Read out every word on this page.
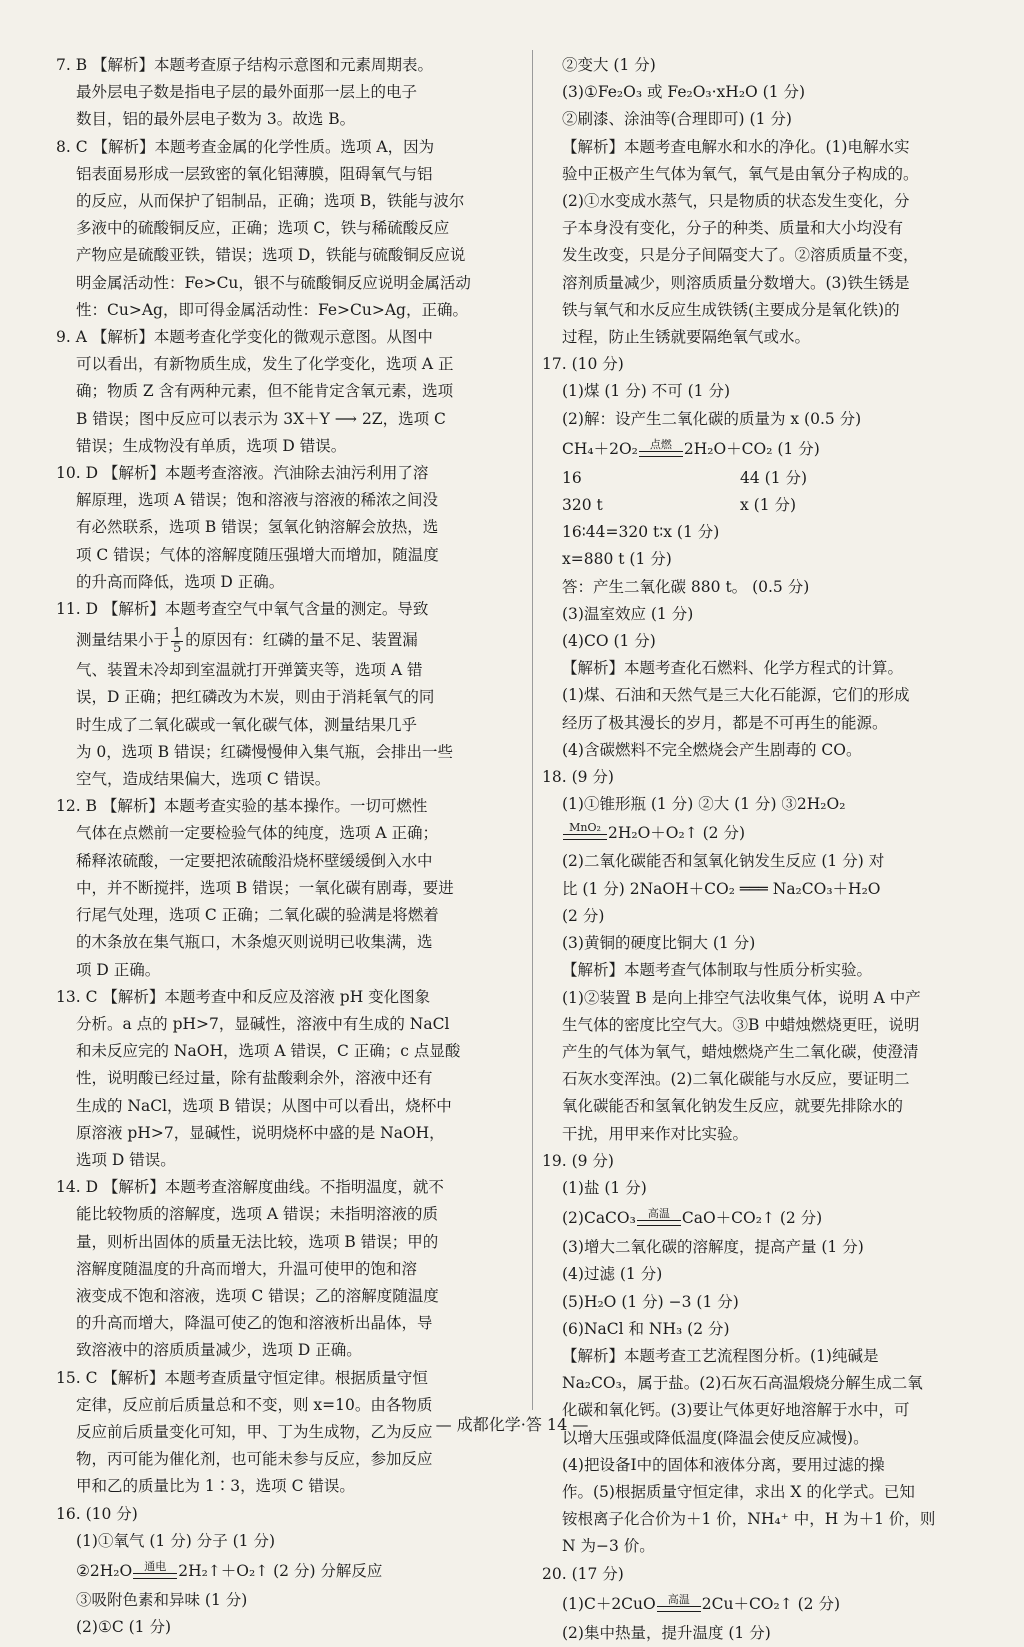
7. B 【解析】本题考查原子结构示意图和元素周期表。
最外层电子数是指电子层的最外面那一层上的电子
数目，铝的最外层电子数为 3。故选 B。
8. C 【解析】本题考查金属的化学性质。选项 A，因为
铝表面易形成一层致密的氧化铝薄膜，阻碍氧气与铝
的反应，从而保护了铝制品，正确；选项 B，铁能与波尔
多液中的硫酸铜反应，正确；选项 C，铁与稀硫酸反应
产物应是硫酸亚铁，错误；选项 D，铁能与硫酸铜反应说
明金属活动性：Fe>Cu，银不与硫酸铜反应说明金属活动
性：Cu>Ag，即可得金属活动性：Fe>Cu>Ag，正确。
9. A 【解析】本题考查化学变化的微观示意图。从图中
可以看出，有新物质生成，发生了化学变化，选项 A 正
确；物质 Z 含有两种元素，但不能肯定含氧元素，选项
B 错误；图中反应可以表示为 3X＋Y ⟶ 2Z，选项 C
错误；生成物没有单质，选项 D 错误。
10. D 【解析】本题考查溶液。汽油除去油污利用了溶
解原理，选项 A 错误；饱和溶液与溶液的稀浓之间没
有必然联系，选项 B 错误；氢氧化钠溶解会放热，选
项 C 错误；气体的溶解度随压强增大而增加，随温度
的升高而降低，选项 D 正确。
11. D 【解析】本题考查空气中氧气含量的测定。导致
测量结果小于 $\frac{1}{5}$ 的原因有：红磷的量不足、装置漏
气、装置未冷却到室温就打开弹簧夹等，选项 A 错
误，D 正确；把红磷改为木炭，则由于消耗氧气的同
时生成了二氧化碳或一氧化碳气体，测量结果几乎
为 0，选项 B 错误；红磷慢慢伸入集气瓶，会排出一些
空气，造成结果偏大，选项 C 错误。
12. B 【解析】本题考查实验的基本操作。一切可燃性
气体在点燃前一定要检验气体的纯度，选项 A 正确；
稀释浓硫酸，一定要把浓硫酸沿烧杯壁缓缓倒入水中
中，并不断搅拌，选项 B 错误；一氧化碳有剧毒，要进
行尾气处理，选项 C 正确；二氧化碳的验满是将燃着
的木条放在集气瓶口，木条熄灭则说明已收集满，选
项 D 正确。
13. C 【解析】本题考查中和反应及溶液 pH 变化图象
分析。a 点的 pH>7，显碱性，溶液中有生成的 NaCl
和未反应完的 NaOH，选项 A 错误，C 正确；c 点显酸
性，说明酸已经过量，除有盐酸剩余外，溶液中还有
生成的 NaCl，选项 B 错误；从图中可以看出，烧杯中
原溶液 pH>7，显碱性，说明烧杯中盛的是 NaOH，
选项 D 错误。
14. D 【解析】本题考查溶解度曲线。不指明温度，就不
能比较物质的溶解度，选项 A 错误；未指明溶液的质
量，则析出固体的质量无法比较，选项 B 错误；甲的
溶解度随温度的升高而增大，升温可使甲的饱和溶
液变成不饱和溶液，选项 C 错误；乙的溶解度随温度
的升高而增大，降温可使乙的饱和溶液析出晶体，导
致溶液中的溶质质量减少，选项 D 正确。
15. C 【解析】本题考查质量守恒定律。根据质量守恒
定律，反应前后质量总和不变，则 x=10。由各物质
反应前后质量变化可知，甲、丁为生成物，乙为反应
物，丙可能为催化剂，也可能未参与反应，参加反应
甲和乙的质量比为 1∶3，选项 C 错误。
16. (10 分)
(1)①氧气 (1 分) 分子 (1 分)
②2H₂O	通电 2H₂↑＋O₂↑ (2 分) 分解反应
③吸附色素和异味 (1 分)
(2)①C (1 分)
②变大 (1 分)
(3)①Fe₂O₃ 或 Fe₂O₃·xH₂O (1 分)
②刷漆、涂油等(合理即可) (1 分)
【解析】本题考查电解水和水的净化。(1)电解水实
验中正极产生气体为氧气，氧气是由氧分子构成的。
(2)①水变成水蒸气，只是物质的状态发生变化，分
子本身没有变化，分子的种类、质量和大小均没有
发生改变，只是分子间隔变大了。②溶质质量不变，
溶剂质量减少，则溶质质量分数增大。(3)铁生锈是
铁与氧气和水反应生成铁锈(主要成分是氧化铁)的
过程，防止生锈就要隔绝氧气或水。
17. (10 分)
(1)煤 (1 分) 不可 (1 分)
(2)解：设产生二氧化碳的质量为 x (0.5 分)
CH₄＋2O₂	点燃 2H₂O＋CO₂ (1 分)
16	44 (1 分)
320 t	x (1 分)
16∶44=320 t∶x (1 分)
x=880 t (1 分)
答：产生二氧化碳 880 t。 (0.5 分)
(3)温室效应 (1 分)
(4)CO (1 分)
【解析】本题考查化石燃料、化学方程式的计算。
(1)煤、石油和天然气是三大化石能源，它们的形成
经历了极其漫长的岁月，都是不可再生的能源。
(4)含碳燃料不完全燃烧会产生剧毒的 CO。
18. (9 分)
(1)①锥形瓶 (1 分) ②大 (1 分) ③2H₂O₂
MnO₂ 2H₂O＋O₂↑ (2 分)
(2)二氧化碳能否和氢氧化钠发生反应 (1 分) 对
比 (1 分) 2NaOH＋CO₂ ═══ Na₂CO₃＋H₂O
(2 分)
(3)黄铜的硬度比铜大 (1 分)
【解析】本题考查气体制取与性质分析实验。
(1)②装置 B 是向上排空气法收集气体，说明 A 中产
生气体的密度比空气大。③B 中蜡烛燃烧更旺，说明
产生的气体为氧气，蜡烛燃烧产生二氧化碳，使澄清
石灰水变浑浊。(2)二氧化碳能与水反应，要证明二
氧化碳能否和氢氧化钠发生反应，就要先排除水的
干扰，用甲来作对比实验。
19. (9 分)
(1)盐 (1 分)
(2)CaCO₃	高温 CaO＋CO₂↑ (2 分)
(3)增大二氧化碳的溶解度，提高产量 (1 分)
(4)过滤 (1 分)
(5)H₂O (1 分) −3 (1 分)
(6)NaCl 和 NH₃ (2 分)
【解析】本题考查工艺流程图分析。(1)纯碱是
Na₂CO₃，属于盐。(2)石灰石高温煅烧分解生成二氧
化碳和氧化钙。(3)要让气体更好地溶解于水中，可
以增大压强或降低温度(降温会使反应减慢)。
(4)把设备Ⅰ中的固体和液体分离，要用过滤的操
作。(5)根据质量守恒定律，求出 X 的化学式。已知
铵根离子化合价为＋1 价，NH₄⁺ 中，H 为＋1 价，则
N 为−3 价。
20. (17 分)
(1)C＋2CuO	高温 2Cu＋CO₂↑ (2 分)
(2)集中热量，提升温度 (1 分)
— 成都化学·答 14 —
